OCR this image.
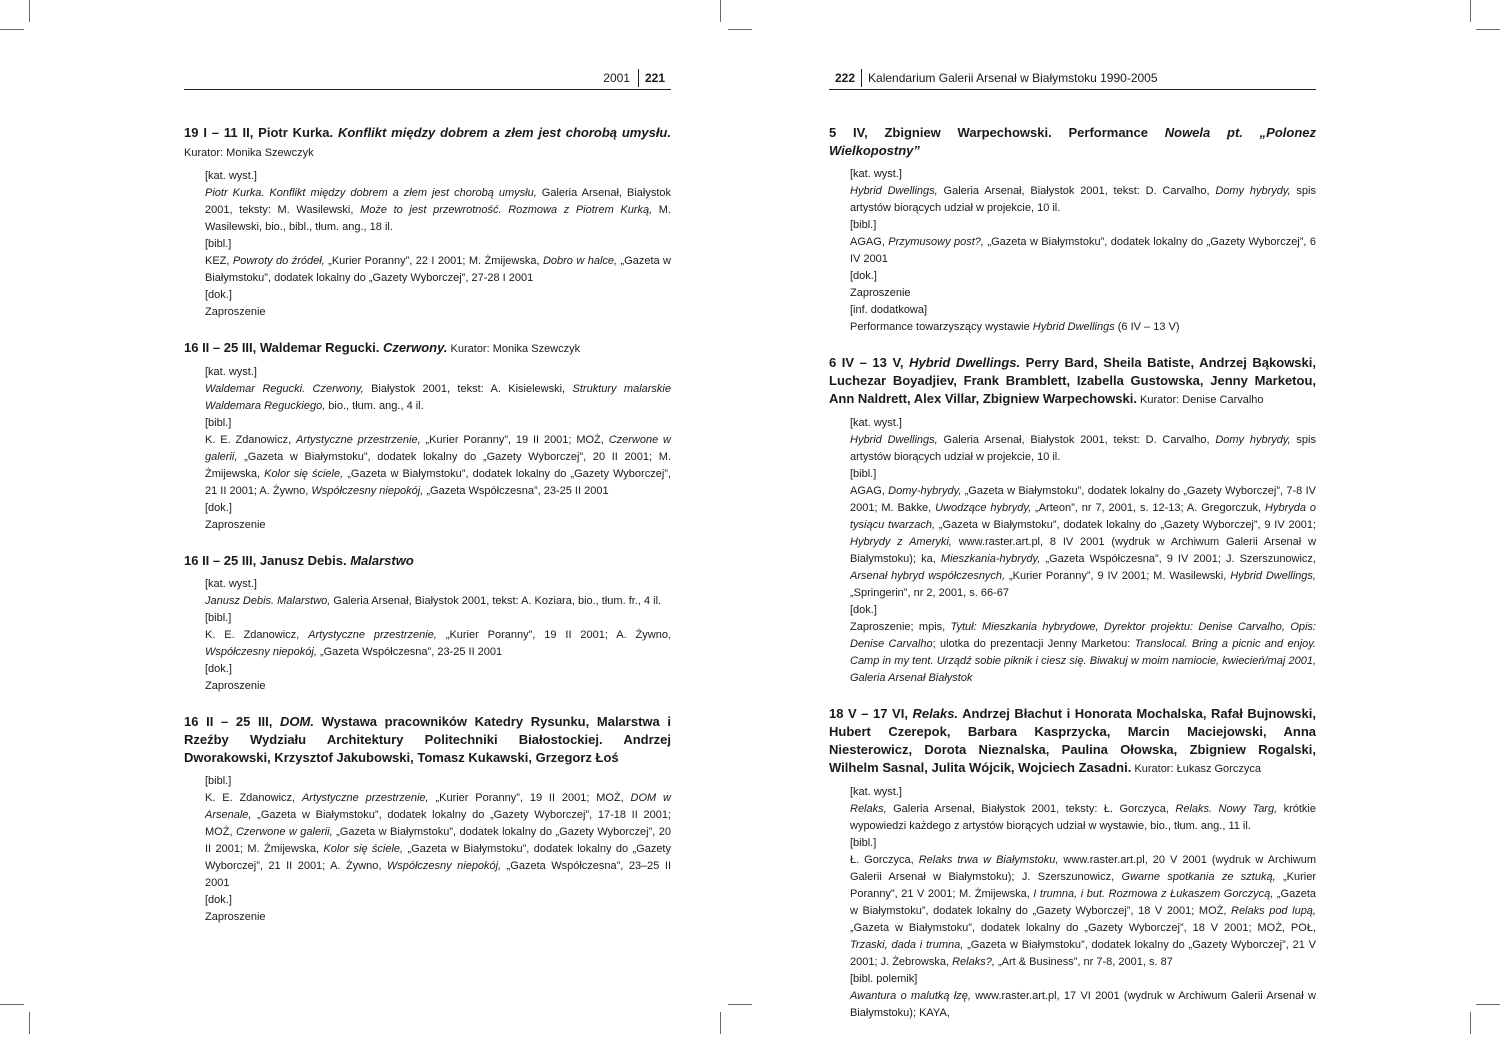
2001 221	222 Kalendarium Galerii Arsenał w Białymstoku 1990-2005
19 I – 11 II, Piotr Kurka. Konflikt między dobrem a złem jest chorobą umysłu. Kurator: Monika Szewczyk
[kat. wyst.]
Piotr Kurka. Konflikt między dobrem a złem jest chorobą umysłu, Galeria Arsenał, Białystok 2001, teksty: M. Wasilewski, Może to jest przewrotność. Rozmowa z Piotrem Kurką, M. Wasilewski, bio., bibl., tłum. ang., 18 il.
[bibl.]
KEZ, Powroty do źródeł, „Kurier Poranny”, 22 I 2001; M. Żmijewska, Dobro w halce, „Gazeta w Białymstoku”, dodatek lokalny do „Gazety Wyborczej”, 27-28 I 2001
[dok.]
Zaproszenie
16 II – 25 III, Waldemar Regucki. Czerwony. Kurator: Monika Szewczyk
[kat. wyst.]
Waldemar Regucki. Czerwony, Białystok 2001, tekst: A. Kisielewski, Struktury malarskie Waldemara Reguckiego, bio., tłum. ang., 4 il.
[bibl.]
K. E. Zdanowicz, Artystyczne przestrzenie, „Kurier Poranny”, 19 II 2001; MOŻ, Czerwone w galerii, „Gazeta w Białymstoku”, dodatek lokalny do „Gazety Wyborczej”, 20 II 2001; M. Żmijewska, Kolor się ściele, „Gazeta w Białymstoku”, dodatek lokalny do „Gazety Wyborczej”, 21 II 2001; A. Żywno, Współczesny niepokój, „Gazeta Współczesna”, 23-25 II 2001
[dok.]
Zaproszenie
16 II – 25 III, Janusz Debis. Malarstwo
[kat. wyst.]
Janusz Debis. Malarstwo, Galeria Arsenał, Białystok 2001, tekst: A. Koziara, bio., tłum. fr., 4 il.
[bibl.]
K. E. Zdanowicz, Artystyczne przestrzenie, „Kurier Poranny”, 19 II 2001; A. Żywno, Współczesny niepokój, „Gazeta Współczesna”, 23-25 II 2001
[dok.]
Zaproszenie
16 II – 25 III, DOM. Wystawa pracowników Katedry Rysunku, Malarstwa i Rzeźby Wydziału Architektury Politechniki Białostockiej. Andrzej Dworakowski, Krzysztof Jakubowski, Tomasz Kukawski, Grzegorz Łoś
[bibl.]
K. E. Zdanowicz, Artystyczne przestrzenie, „Kurier Poranny”, 19 II 2001; MOŻ, DOM w Arsenale, „Gazeta w Białymstoku”, dodatek lokalny do „Gazety Wyborczej”, 17-18 II 2001; MOŻ, Czerwone w galerii, „Gazeta w Białymstoku”, dodatek lokalny do „Gazety Wyborczej”, 20 II 2001; M. Żmijewska, Kolor się ściele, „Gazeta w Białymstoku”, dodatek lokalny do „Gazety Wyborczej”, 21 II 2001; A. Żywno, Współczesny niepokój, „Gazeta Współczesna”, 23–25 II 2001
[dok.]
Zaproszenie
5 IV, Zbigniew Warpechowski. Performance Nowela pt. „Polonez Wielkopostny”
[kat. wyst.]
Hybrid Dwellings, Galeria Arsenał, Białystok 2001, tekst: D. Carvalho, Domy hybrydy, spis artystów biorących udział w projekcie, 10 il.
[bibl.]
AGAG, Przymusowy post?, „Gazeta w Białymstoku”, dodatek lokalny do „Gazety Wyborczej”, 6 IV 2001
[dok.]
Zaproszenie
[inf. dodatkowa]
Performance towarzyszący wystawie Hybrid Dwellings (6 IV – 13 V)
6 IV – 13 V, Hybrid Dwellings. Perry Bard, Sheila Batiste, Andrzej Bąkowski, Luchezar Boyadjiev, Frank Bramblett, Izabella Gustowska, Jenny Marketou, Ann Naldrett, Alex Villar, Zbigniew Warpechowski. Kurator: Denise Carvalho
[kat. wyst.]
Hybrid Dwellings, Galeria Arsenał, Białystok 2001, tekst: D. Carvalho, Domy hybrydy, spis artystów biorących udział w projekcie, 10 il.
[bibl.]
AGAG, Domy-hybrydy, „Gazeta w Białymstoku”, dodatek lokalny do „Gazety Wyborczej”, 7-8 IV 2001; M. Bakke, Uwodzące hybrydy, „Arteon”, nr 7, 2001, s. 12-13; A. Gregorczuk, Hybryda o tysiącu twarzach, „Gazeta w Białymstoku”, dodatek lokalny do „Gazety Wyborczej”, 9 IV 2001; Hybrydy z Ameryki, www.raster.art.pl, 8 IV 2001 (wydruk w Archiwum Galerii Arsenał w Białymstoku); ka, Mieszkania-hybrydy, „Gazeta Współczesna”, 9 IV 2001; J. Szerszunowicz, Arsenał hybryd współczesnych, „Kurier Poranny”, 9 IV 2001; M. Wasilewski, Hybrid Dwellings, „Springerin”, nr 2, 2001, s. 66-67
[dok.]
Zaproszenie; mpis, Tytuł: Mieszkania hybrydowe, Dyrektor projektu: Denise Carvalho, Opis: Denise Carvalho; ulotka do prezentacji Jenny Marketou: Translocal. Bring a picnic and enjoy. Camp in my tent. Urządź sobie piknik i ciesz się. Biwakuj w moim namiocie, kwiecień/maj 2001, Galeria Arsenał Białystok
18 V – 17 VI, Relaks. Andrzej Błachut i Honorata Mochalska, Rafał Bujnowski, Hubert Czerepok, Barbara Kasprzycka, Marcin Maciejowski, Anna Niesterowicz, Dorota Nieznalska, Paulina Ołowska, Zbigniew Rogalski, Wilhelm Sasnal, Julita Wójcik, Wojciech Zasadni. Kurator: Łukasz Gorczyca
[kat. wyst.]
Relaks, Galeria Arsenał, Białystok 2001, teksty: Ł. Gorczyca, Relaks. Nowy Targ, krótkie wypowiedzi każdego z artystów biorących udział w wystawie, bio., tłum. ang., 11 il.
[bibl.]
Ł. Gorczyca, Relaks trwa w Białymstoku, www.raster.art.pl, 20 V 2001 (wydruk w Archiwum Galerii Arsenał w Białymstoku); J. Szerszunowicz, Gwarne spotkania ze sztuką, „Kurier Poranny”, 21 V 2001; M. Żmijewska, I trumna, i but. Rozmowa z Łukaszem Gorczycą, „Gazeta w Białymstoku”, dodatek lokalny do „Gazety Wyborczej”, 18 V 2001; MOŻ, Relaks pod lupą, „Gazeta w Białymstoku”, dodatek lokalny do „Gazety Wyborczej”, 18 V 2001; MOŻ, POŁ, Trzaski, dada i trumna, „Gazeta w Białymstoku”, dodatek lokalny do „Gazety Wyborczej”, 21 V 2001; J. Żebrowska, Relaks?, „Art & Business”, nr 7-8, 2001, s. 87
[bibl. polemik]
Awantura o malutką łzę, www.raster.art.pl, 17 VI 2001 (wydruk w Archiwum Galerii Arsenał w Białymstoku); KAYA,
